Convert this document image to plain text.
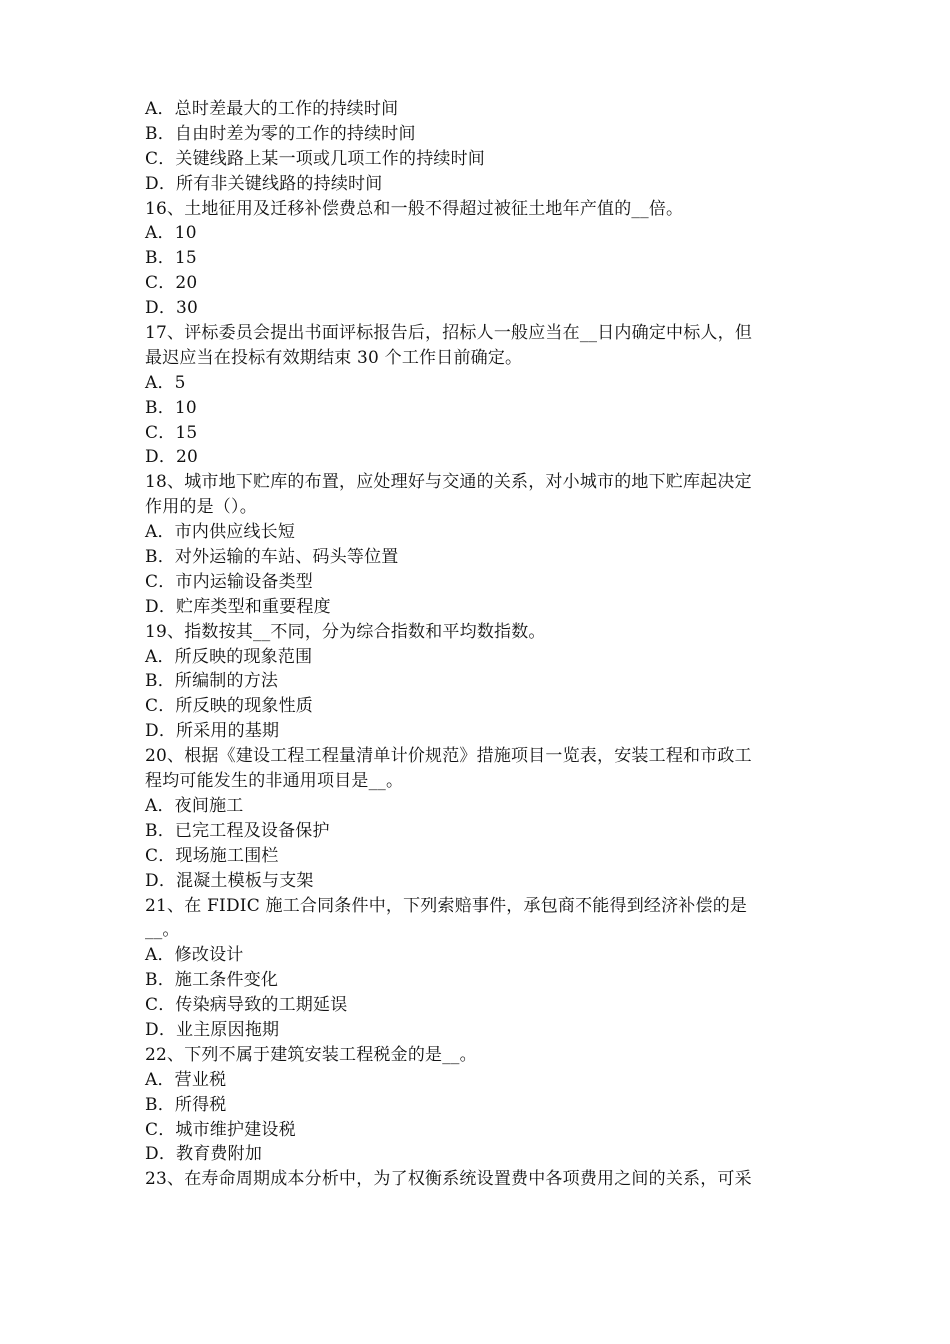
A．总时差最大的工作的持续时间
B．自由时差为零的工作的持续时间
C．关键线路上某一项或几项工作的持续时间
D．所有非关键线路的持续时间
16、土地征用及迁移补偿费总和一般不得超过被征土地年产值的__倍。
A．10
B．15
C．20
D．30
17、评标委员会提出书面评标报告后，招标人一般应当在__日内确定中标人，但
最迟应当在投标有效期结束 30 个工作日前确定。
A．5
B．10
C．15
D．20
18、城市地下贮库的布置，应处理好与交通的关系，对小城市的地下贮库起决定
作用的是（）。
A．市内供应线长短
B．对外运输的车站、码头等位置
C．市内运输设备类型
D．贮库类型和重要程度
19、指数按其__不同，分为综合指数和平均数指数。
A．所反映的现象范围
B．所编制的方法
C．所反映的现象性质
D．所采用的基期
20、根据《建设工程工程量清单计价规范》措施项目一览表，安装工程和市政工
程均可能发生的非通用项目是__。
A．夜间施工
B．已完工程及设备保护
C．现场施工围栏
D．混凝土模板与支架
21、在 FIDIC 施工合同条件中，下列索赔事件，承包商不能得到经济补偿的是
__。
A．修改设计
B．施工条件变化
C．传染病导致的工期延误
D．业主原因拖期
22、下列不属于建筑安装工程税金的是__。
A．营业税
B．所得税
C．城市维护建设税
D．教育费附加
23、在寿命周期成本分析中，为了权衡系统设置费中各项费用之间的关系，可采
